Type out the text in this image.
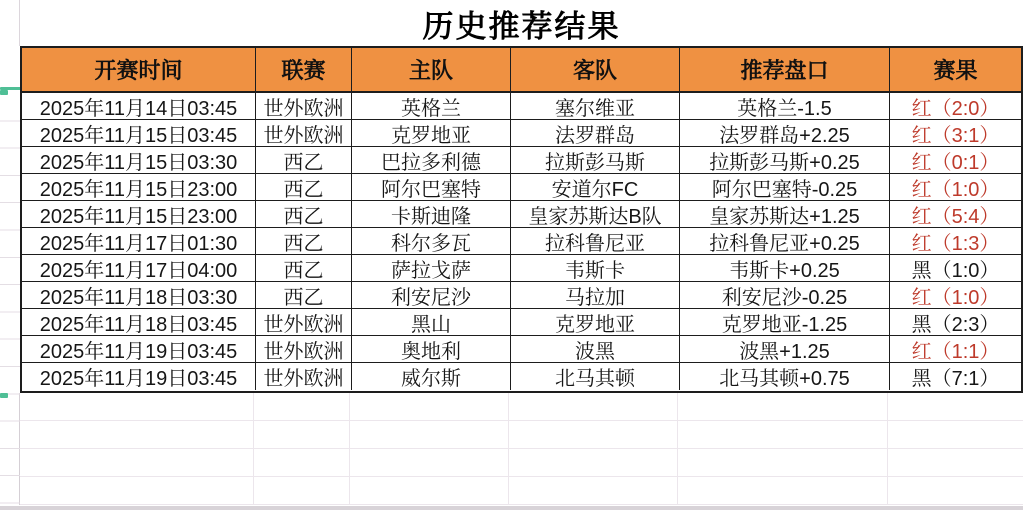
历史推荐结果
开赛时间	联赛	主队	客队	推荐盘口	赛果
2025年11月14日03:45	世外欧洲	英格兰	塞尔维亚	英格兰-1.5	红（2:0）
2025年11月15日03:45	世外欧洲	克罗地亚	法罗群岛	法罗群岛+2.25	红（3:1）
2025年11月15日03:30	西乙	巴拉多利德	拉斯彭马斯	拉斯彭马斯+0.25	红（0:1）
2025年11月15日23:00	西乙	阿尔巴塞特	安道尔FC	阿尔巴塞特-0.25	红（1:0）
2025年11月15日23:00	西乙	卡斯迪隆	皇家苏斯达B队	皇家苏斯达+1.25	红（5:4）
2025年11月17日01:30	西乙	科尔多瓦	拉科鲁尼亚	拉科鲁尼亚+0.25	红（1:3）
2025年11月17日04:00	西乙	萨拉戈萨	韦斯卡	韦斯卡+0.25	黑（1:0）
2025年11月18日03:30	西乙	利安尼沙	马拉加	利安尼沙-0.25	红（1:0）
2025年11月18日03:45	世外欧洲	黑山	克罗地亚	克罗地亚-1.25	黑（2:3）
2025年11月19日03:45	世外欧洲	奥地利	波黑	波黑+1.25	红（1:1）
2025年11月19日03:45	世外欧洲	威尔斯	北马其顿	北马其顿+0.75	黑（7:1）
